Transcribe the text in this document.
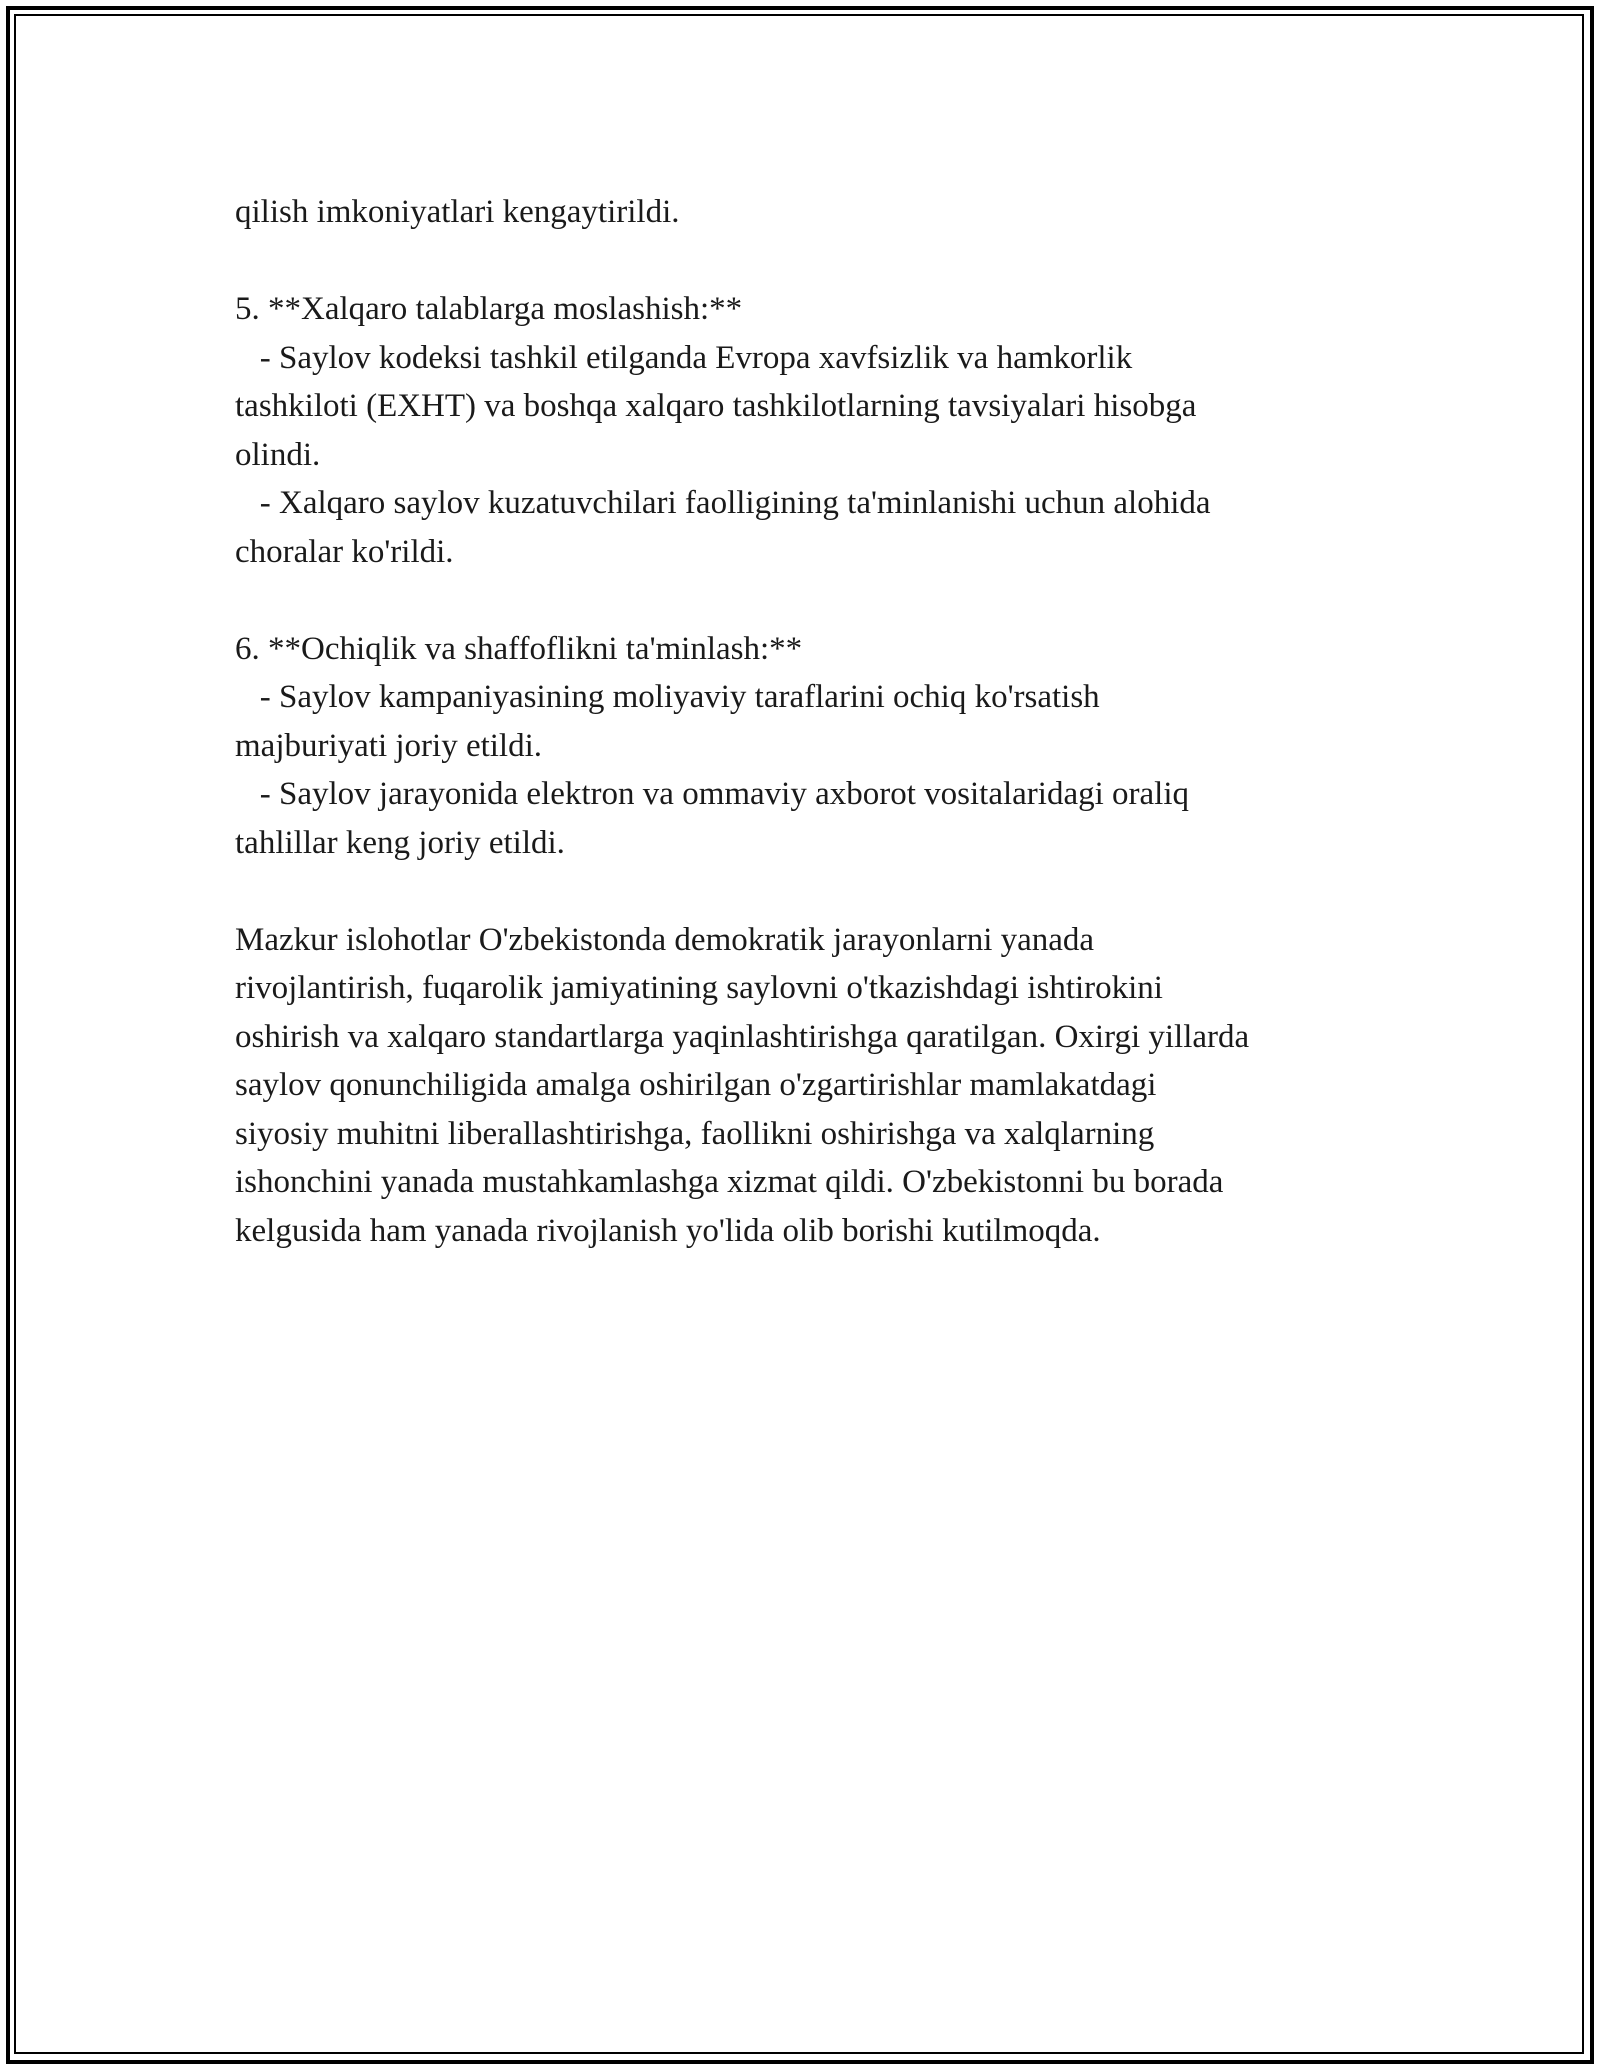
qilish imkoniyatlari kengaytirildi.
5. **Xalqaro talablarga moslashish:**
- Saylov kodeksi tashkil etilganda Evropa xavfsizlik va hamkorlik
tashkiloti (EXHT) va boshqa xalqaro tashkilotlarning tavsiyalari hisobga
olindi.
- Xalqaro saylov kuzatuvchilari faolligining ta'minlanishi uchun alohida
choralar ko'rildi.
6. **Ochiqlik va shaffoflikni ta'minlash:**
- Saylov kampaniyasining moliyaviy taraflarini ochiq ko'rsatish
majburiyati joriy etildi.
- Saylov jarayonida elektron va ommaviy axborot vositalaridagi oraliq
tahlillar keng joriy etildi.
Mazkur islohotlar O'zbekistonda demokratik jarayonlarni yanada
rivojlantirish, fuqarolik jamiyatining saylovni o'tkazishdagi ishtirokini
oshirish va xalqaro standartlarga yaqinlashtirishga qaratilgan. Oxirgi yillarda
saylov qonunchiligida amalga oshirilgan o'zgartirishlar mamlakatdagi
siyosiy muhitni liberallashtirishga, faollikni oshirishga va xalqlarning
ishonchini yanada mustahkamlashga xizmat qildi. O'zbekistonni bu borada
kelgusida ham yanada rivojlanish yo'lida olib borishi kutilmoqda.
